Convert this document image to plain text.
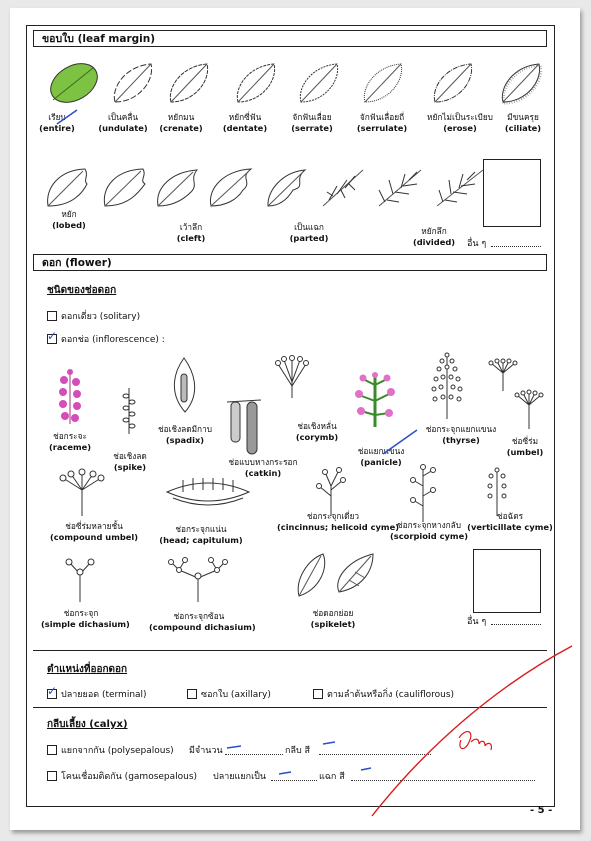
ขอบใบ (leaf margin)
เรียบ
(entire)
เป็นคลื่น
(undulate)
หยักมน
(crenate)
หยักซี่ฟัน
(dentate)
จักฟันเลื่อย
(serrate)
จักฟันเลื่อยถี่
(serrulate)
หยักไม่เป็นระเบียบ
(erose)
มีขนครุย
(ciliate)
หยัก
(lobed)	เว้าลึก
(cleft)
เป็นแฉก
(parted)
หยักลึก
(divided)	อื่น ๆ
ดอก (flower)
ชนิดของช่อดอก
ดอกเดี่ยว (solitary)
✓ ดอกช่อ (inflorescence) :
ช่อกระจะ
(raceme)
ช่อเชิงลด
(spike)
ช่อเชิงลดมีกาบ
(spadix)
ช่อแบบหางกระรอก
(catkin)
ช่อเชิงหลั่น
(corymb)
ช่อแยกแขนง
(panicle)
ช่อกระจุกแยกแขนง
(thyrse)	ช่อซี่ร่ม
(umbel)
ช่อซี่ร่มหลายชั้น
(compound umbel)
ช่อกระจุกแน่น
(head; capitulum)
ช่อกระจุกเดี่ยว
(cincinnus; helicoid cyme)
ช่อกระจุกหางกลับ
(scorpioid cyme)
ช่อฉัตร
(verticillate cyme)
ช่อกระจุก
(simple dichasium)
ช่อกระจุกซ้อน
(compound dichasium)
ช่อดอกย่อย
(spikelet)	อื่น ๆ
ตำแหน่งที่ออกดอก
✓ ปลายยอด (terminal)	ซอกใบ (axillary)	ตามลำต้นหรือกิ่ง (cauliflorous)
กลีบเลี้ยง (calyx)
แยกจากกัน (polysepalous) มีจำนวน	กลีบ สี
โคนเชื่อมติดกัน (gamosepalous) ปลายแยกเป็น	แฉก สี
- 5 -
